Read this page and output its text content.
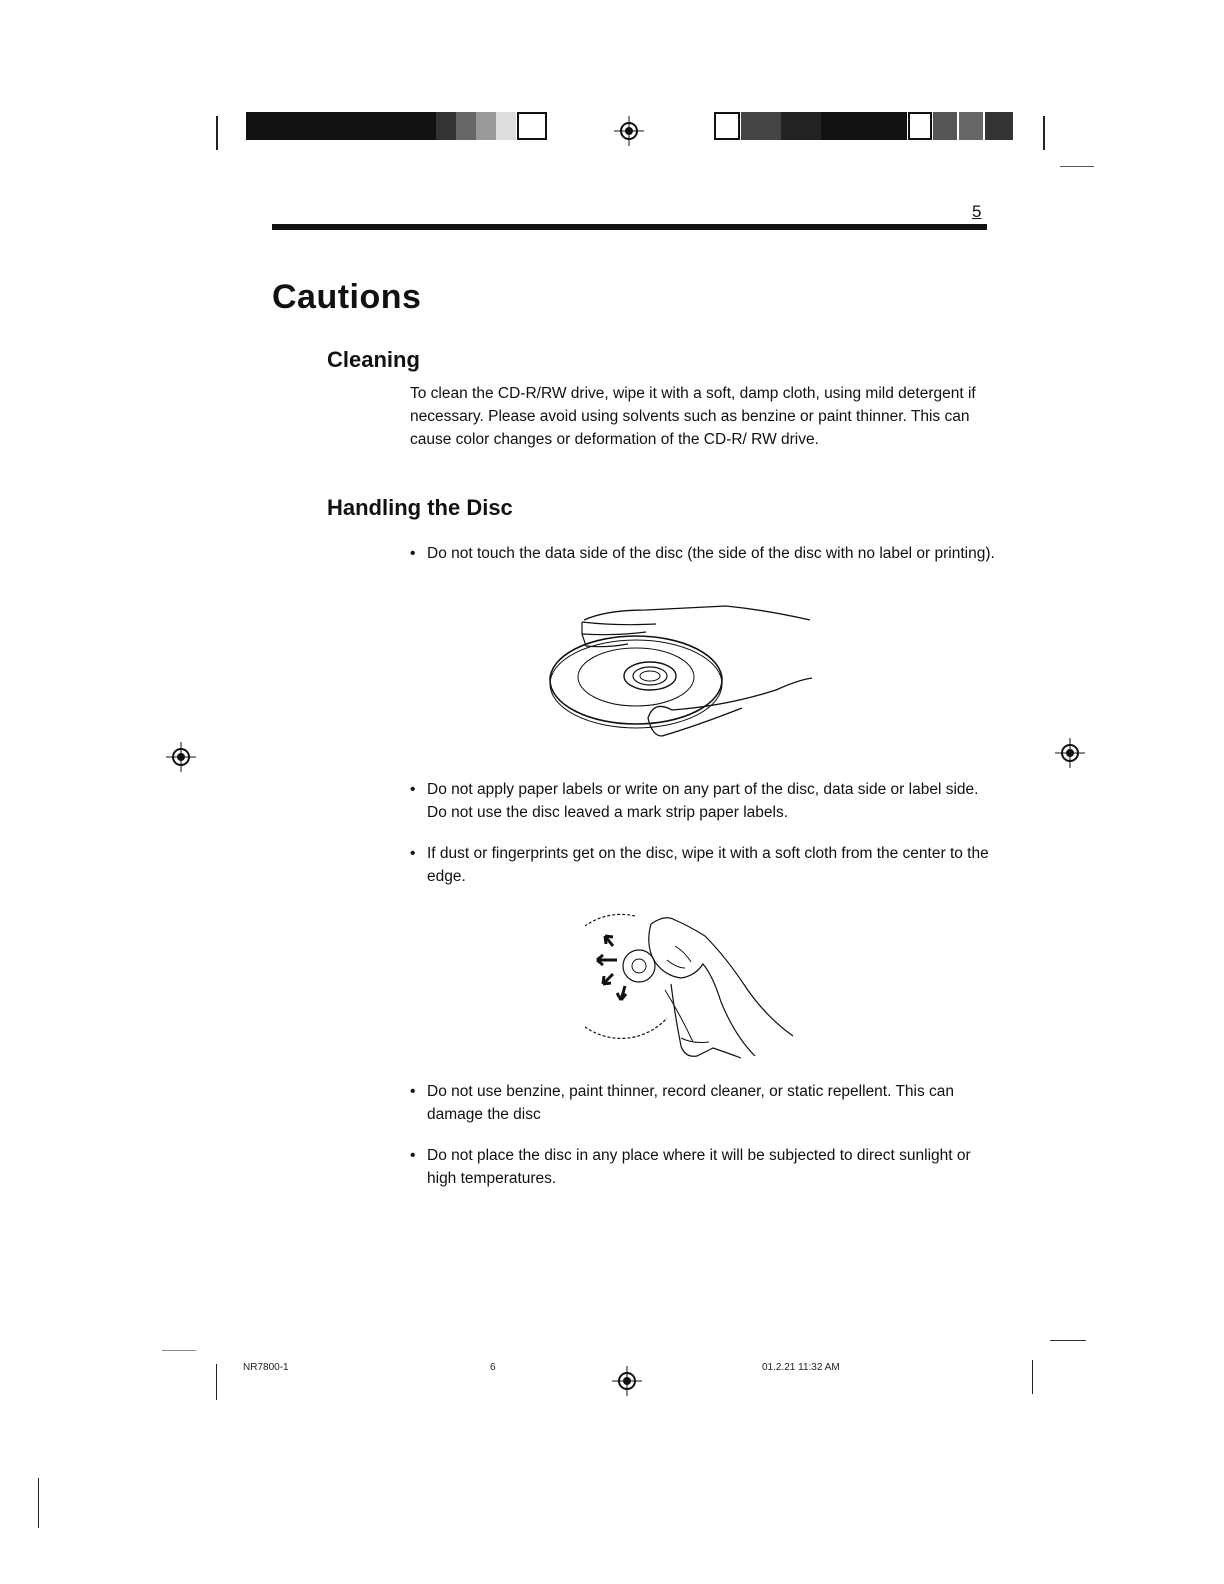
5
Cautions
Cleaning

To clean the CD-R/RW drive, wipe it with a soft, damp cloth, using mild detergent if necessary. Please avoid using solvents such as benzine or paint thinner. This can cause color changes or deformation of the CD-R/ RW drive.

Handling the Disc
• Do not touch the data side of the disc (the side of the disc with no label or printing).
• Do not apply paper labels or write on any part of the disc, data side or label side. Do not use the disc leaved a mark strip paper labels.
• If dust or fingerprints get on the disc, wipe it with a soft cloth from the center to the edge.
• Do not use benzine, paint thinner, record cleaner, or static repellent. This can damage the disc
• Do not place the disc in any place where it will be subjected to direct sunlight or high temperatures.
NR7800-1	6	01.2.21 11:32 AM
